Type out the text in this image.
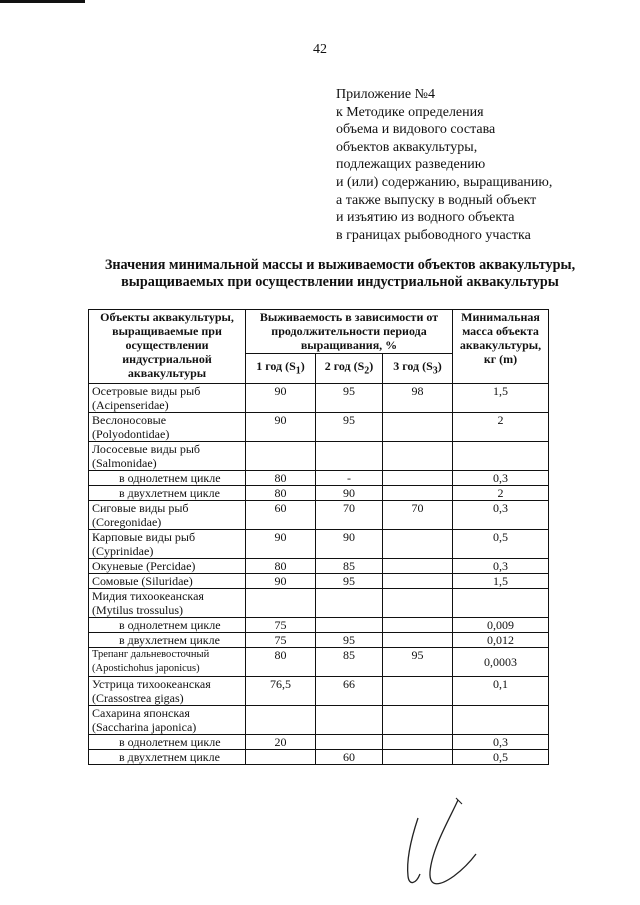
42
Приложение №4
к Методике определения
объема и видового состава
объектов аквакультуры,
подлежащих разведению
и (или) содержанию, выращиванию,
а также выпуску в водный объект
и изъятию из водного объекта
в границах рыбоводного участка
Значения минимальной массы и выживаемости объектов аквакультуры,
выращиваемых при осуществлении индустриальной аквакультуры
Объекты аквакультуры, выращиваемые при осуществлении индустриальной аквакультуры	Выживаемость в зависимости от продолжительности периода выращивания, %			Минимальная масса объекта аквакультуры, кг (m)
	1 год $(S_1)$	2 год $(S_2)$	3 год $(S_3)$	
Осетровые виды рыб (Acipenseridae)	90	95	98	1,5
Веслоносовые (Polyodontidae)	90	95		2
Лососевые виды рыб (Salmonidae)				
в однолетнем цикле	80	-		0,3
в двухлетнем цикле	80	90		2
Сиговые виды рыб (Coregonidae)	60	70	70	0,3
Карповые виды рыб (Cyprinidae)	90	90		0,5
Окуневые (Percidae)	80	85		0,3
Сомовые (Siluridae)	90	95		1,5
Мидия тихоокеанская (Mytilus trossulus)				
в однолетнем цикле	75			0,009
в двухлетнем цикле	75	95		0,012
Трепанг дальневосточный (Apostichohus japonicus)	80	85	95	0,0003
Устрица тихоокеанская (Crassostrea gigas)	76,5	66		0,1
Сахарина японская (Saccharina japonica)				
в однолетнем цикле	20			0,3
в двухлетнем цикле		60		0,5
